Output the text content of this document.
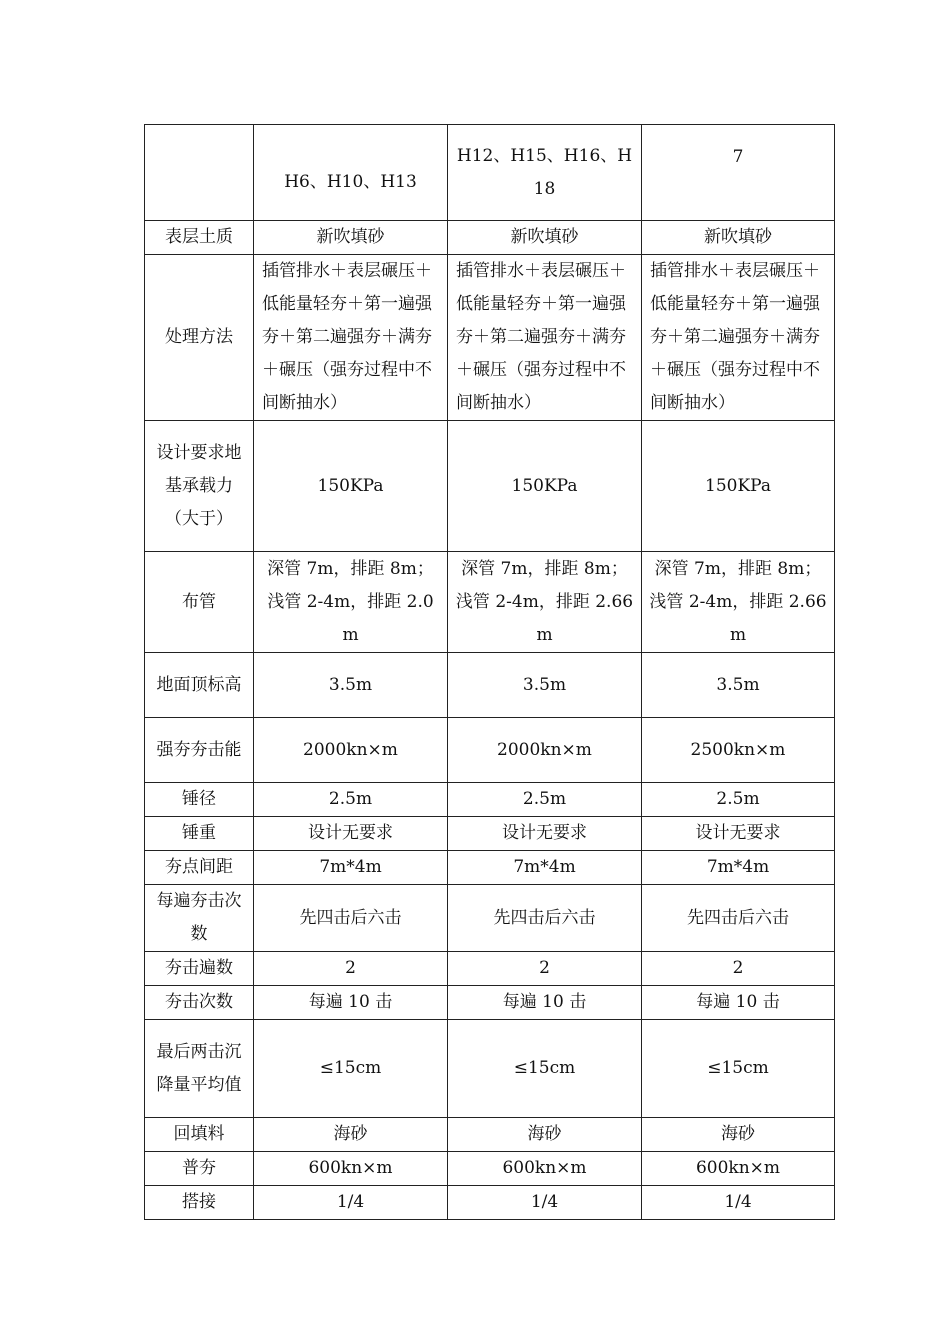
	H6、H10、H13	H12、H15、H16、H18	7
表层土质	新吹填砂	新吹填砂	新吹填砂
处理方法	插管排水＋表层碾压＋低能量轻夯＋第一遍强夯＋第二遍强夯＋满夯＋碾压（强夯过程中不间断抽水）	插管排水＋表层碾压＋低能量轻夯＋第一遍强夯＋第二遍强夯＋满夯＋碾压（强夯过程中不间断抽水）	插管排水＋表层碾压＋低能量轻夯＋第一遍强夯＋第二遍强夯＋满夯＋碾压（强夯过程中不间断抽水）
设计要求地基承载力（大于）	150KPa	150KPa	150KPa
布管	深管 7m，排距 8m；浅管 2-4m，排距 2.0m	深管 7m，排距 8m；浅管 2-4m，排距 2.66m	深管 7m，排距 8m；浅管 2-4m，排距 2.66m
地面顶标高	3.5m	3.5m	3.5m
强夯夯击能	2000kn×m	2000kn×m	2500kn×m
锤径	2.5m	2.5m	2.5m
锤重	设计无要求	设计无要求	设计无要求
夯点间距	7m*4m	7m*4m	7m*4m
每遍夯击次数	先四击后六击	先四击后六击	先四击后六击
夯击遍数	2	2	2
夯击次数	每遍 10 击	每遍 10 击	每遍 10 击
最后两击沉降量平均值	≤15cm	≤15cm	≤15cm
回填料	海砂	海砂	海砂
普夯	600kn×m	600kn×m	600kn×m
搭接	1/4	1/4	1/4
